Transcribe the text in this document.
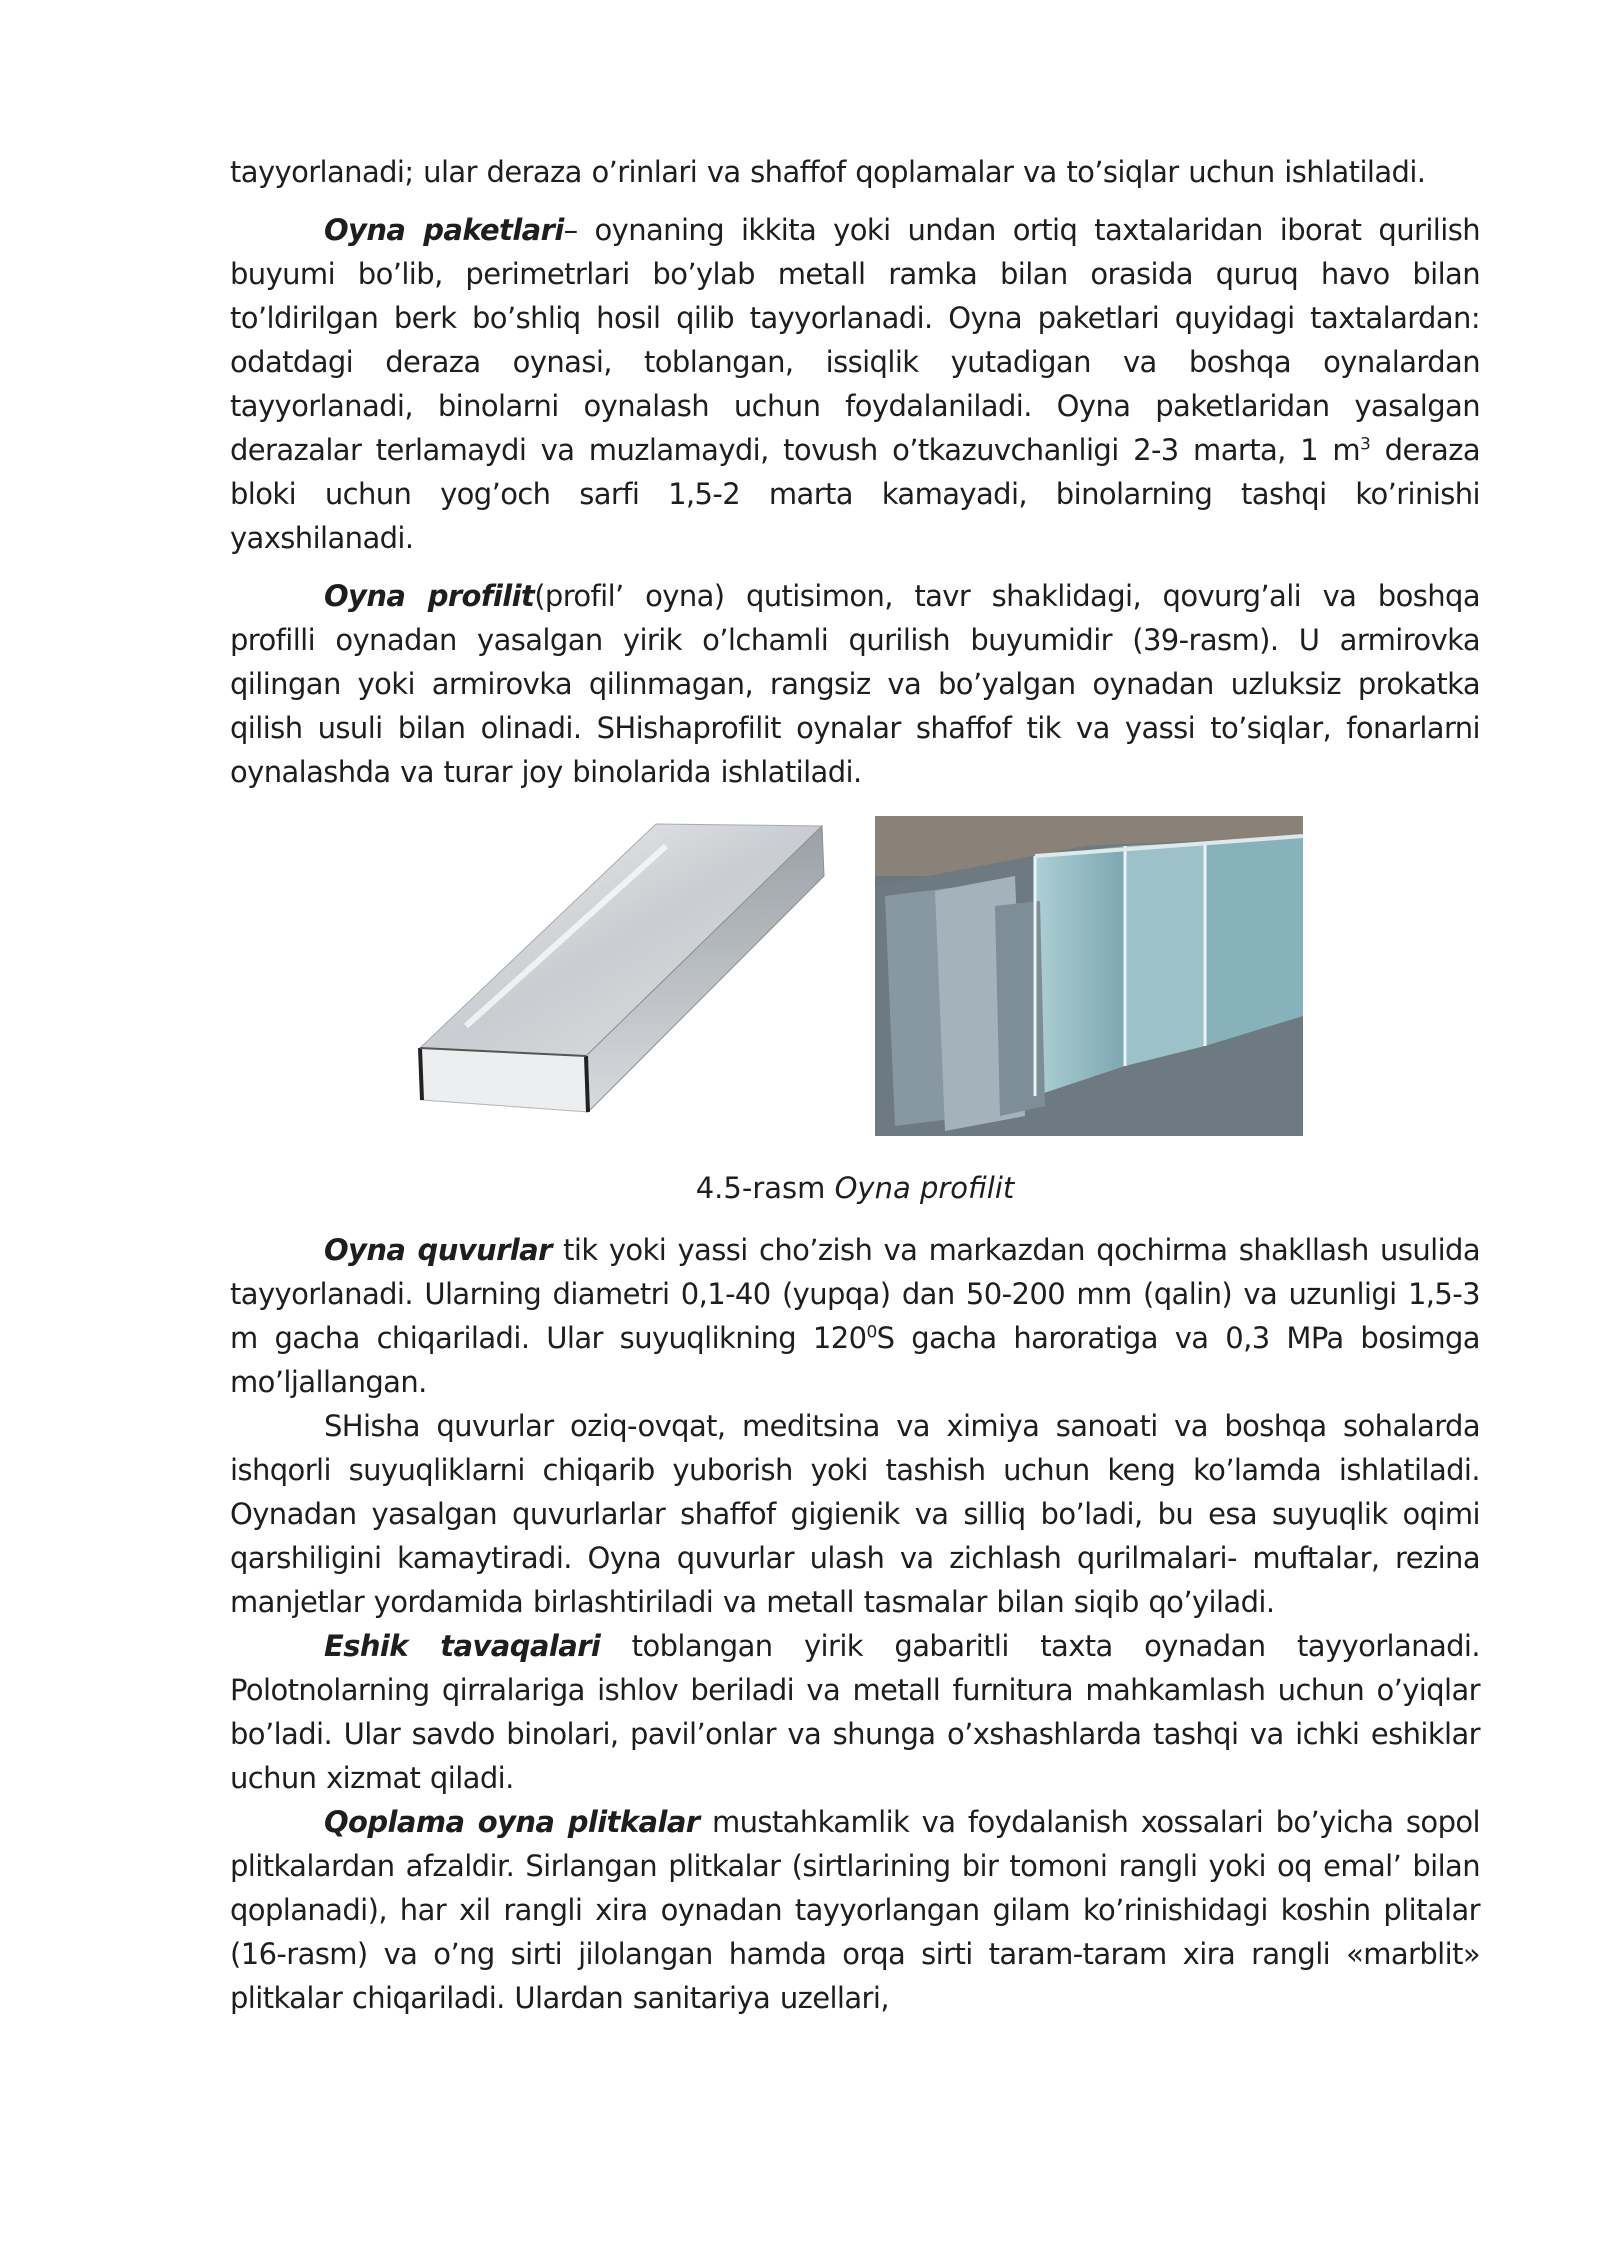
tayyorlanadi; ular deraza o’rinlari va shaffof qoplamalar va to’siqlar uchun ishlatiladi.

Oyna paketlari– oynaning ikkita yoki undan ortiq taxtalaridan iborat qurilish buyumi bo’lib, perimetrlari bo’ylab metall ramka bilan orasida quruq havo bilan to’ldirilgan berk bo’shliq hosil qilib tayyorlanadi. Oyna paketlari quyidagi taxtalardan: odatdagi deraza oynasi, toblangan, issiqlik yutadigan va boshqa oynalardan tayyorlanadi, binolarni oynalash uchun foydalaniladi. Oyna paketlaridan yasalgan derazalar terlamaydi va muzlamaydi, tovush o’tkazuvchanligi 2-3 marta, 1 $m^3$ deraza bloki uchun yog’och sarfi 1,5-2 marta kamayadi, binolarning tashqi ko’rinishi yaxshilanadi.

Oyna profilit(profil’ oyna) qutisimon, tavr shaklidagi, qovurg’ali va boshqa profilli oynadan yasalgan yirik o’lchamli qurilish buyumidir (39-rasm). U armirovka qilingan yoki armirovka qilinmagan, rangsiz va bo’yalgan oynadan uzluksiz prokatka qilish usuli bilan olinadi. SHishaprofilit oynalar shaffof tik va yassi to’siqlar, fonarlarni oynalashda va turar joy binolarida ishlatiladi.

4.5-rasm Oyna profilit

Oyna quvurlar tik yoki yassi cho’zish va markazdan qochirma shakllash usulida tayyorlanadi. Ularning diametri 0,1-40 (yupqa) dan 50-200 mm (qalin) va uzunligi 1,5-3 m gacha chiqariladi. Ular suyuqlikning $120^0S$ gacha haroratiga va 0,3 MPa bosimga mo’ljallangan.

SHisha quvurlar oziq-ovqat, meditsina va ximiya sanoati va boshqa sohalarda ishqorli suyuqliklarni chiqarib yuborish yoki tashish uchun keng ko’lamda ishlatiladi. Oynadan yasalgan quvurlarlar shaffof gigienik va silliq bo’ladi, bu esa suyuqlik oqimi qarshiligini kamaytiradi. Oyna quvurlar ulash va zichlash qurilmalari- muftalar, rezina manjetlar yordamida birlashtiriladi va metall tasmalar bilan siqib qo’yiladi.

Eshik tavaqalari toblangan yirik gabaritli taxta oynadan tayyorlanadi. Polotnolarning qirralariga ishlov beriladi va metall furnitura mahkamlash uchun o’yiqlar bo’ladi. Ular savdo binolari, pavil’onlar va shunga o’xshashlarda tashqi va ichki eshiklar uchun xizmat qiladi.

Qoplama oyna plitkalar mustahkamlik va foydalanish xossalari bo’yicha sopol plitkalardan afzaldir. Sirlangan plitkalar (sirtlarining bir tomoni rangli yoki oq emal’ bilan qoplanadi), har xil rangli xira oynadan tayyorlangan gilam ko’rinishidagi koshin plitalar (16-rasm) va o’ng sirti jilolangan hamda orqa sirti taram-taram xira rangli «marblit» plitkalar chiqariladi. Ulardan sanitariya uzellari,
